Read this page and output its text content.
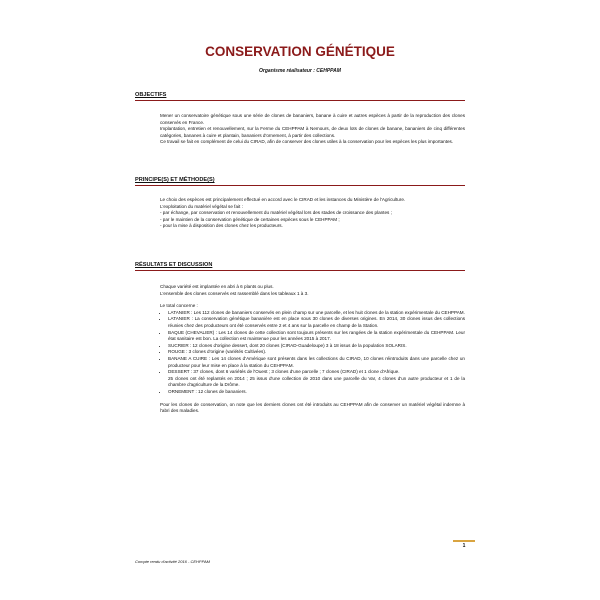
CONSERVATION GÉNÉTIQUE
Organisme réalisateur : CEHPPAM
OBJECTIFS

Mener un conservatoire génétique sous une série de clones de bananiers, banane à cuire et autres espèces à partir de la reproduction des clones conservés en France.

Implantation, entretien et renouvellement, sur la Ferme du CEHPPAM à Nemours, de deux lots de clones de banane, bananiers de cinq différentes catégories, bananes à cuire et plantain, bananiers d'ornement, à partir des collections.

Ce travail se fait en complément de celui du CIRAD, afin de conserver des clones utiles à la conservation pour les espèces les plus importantes.

PRINCIPE(S) ET MÉTHODE(S)

Le choix des espèces est principalement effectué en accord avec le CIRAD et les instances du Ministère de l'Agriculture.

L'exploitation du matériel végétal se fait :

- par échange, par conservation et renouvellement du matériel végétal lors des stades de croissance des plantes ;

- par le maintien de la conservation génétique de certaines espèces sous le CEHPPAM ;

- pour la mise à disposition des clones chez les producteurs.

RÉSULTATS ET DISCUSSION

Chaque variété est implantée en abri à 6 plants ou plus.

L'ensemble des clones conservés est rassemblé dans les tableaux 1 à 3.

Le total concerne :

• LATANIER : Les 112 clones de bananiers conservés en plein champ sur une parcelle, et les huit clones de la station expérimentale du CEHPPAM.
• LATANIER : La conservation génétique bananière est en place sous 30 clones de diverses origines. En 2014, 30 clones issus des collections réunies chez des producteurs ont été conservés entre 2 et 4 ans sur la parcelle en champ de la Station.
• BAQUE (CHEVALIER) : Les 14 clones de cette collection sont toujours présents sur les rangées de la station expérimentale du CEHPPAM. Leur état sanitaire est bon. La collection est maintenue pour les années 2015 à 2017.
• SUCRIER : 12 clones d'origine dessert, dont 20 clones (CIRAD-Guadeloupe) 3 à 18 issus de la population SOLARIS.
• ROUGE : 3 clones d'origine (variétés Cultivées).
• BANANE A CUIRE : Les 14 clones d'Amérique sont présents dans les collections du CIRAD, 10 clones réintroduits dans une parcelle chez un producteur pour leur mise en place à la station du CEHPPAM.
• DESSERT : 37 clones, dont 6 variétés de l'Ouest ; 3 clones d'une parcelle ; 7 clones (CIRAD) et 1 clone d'Afrique.

25 clones ont été replantés en 2014 ; 25 issus d'une collection de 2010 dans une parcelle du Var, 4 clones d'un autre producteur et 1 de la chambre d'agriculture de la Drôme.

• ORNEMENT : 12 clones de bananiers.

Pour les clones de conservation, on note que les derniers clones ont été introduits au CEHPPAM afin de conserver un matériel végétal indemne à l'abri des maladies.

1
Compte rendu d'activité 2016 - CEHPPAM
